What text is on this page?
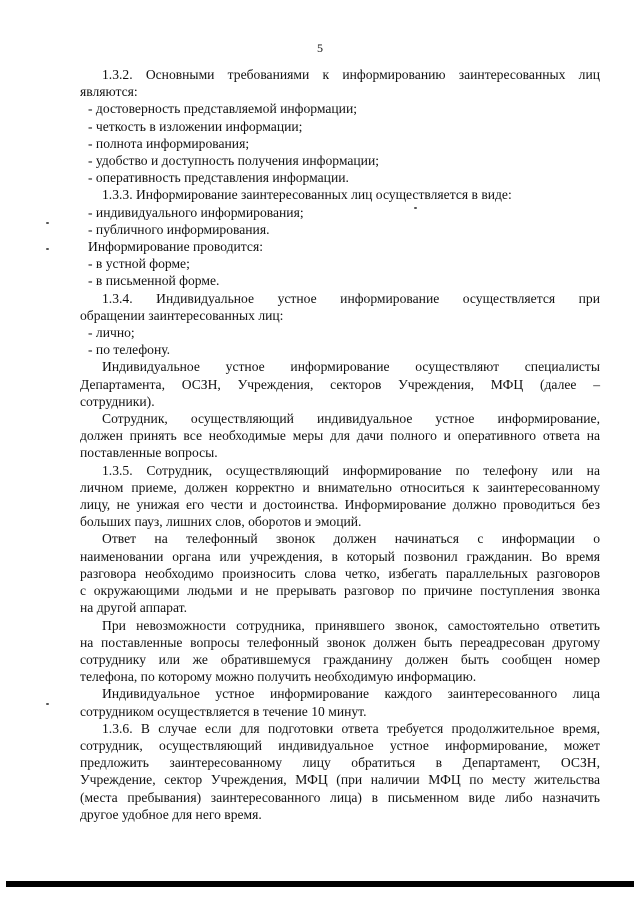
5

1.3.2. Основными требованиями к информированию заинтересованных лиц

являются:

- достоверность представляемой информации;

- четкость в изложении информации;

- полнота информирования;

- удобство и доступность получения информации;

- оперативность представления информации.

1.3.3. Информирование заинтересованных лиц осуществляется в виде:

- индивидуального информирования;

- публичного информирования.

Информирование проводится:

- в устной форме;

- в письменной форме.

1.3.4. Индивидуальное устное информирование осуществляется при

обращении заинтересованных лиц:

- лично;

- по телефону.

Индивидуальное устное информирование осуществляют специалисты

Департамента, ОСЗН, Учреждения, секторов Учреждения, МФЦ (далее –

сотрудники).

Сотрудник, осуществляющий индивидуальное устное информирование,

должен принять все необходимые меры для дачи полного и оперативного ответа на

поставленные вопросы.

1.3.5. Сотрудник, осуществляющий информирование по телефону или на

личном приеме, должен корректно и внимательно относиться к заинтересованному

лицу, не унижая его чести и достоинства. Информирование должно проводиться без

больших пауз, лишних слов, оборотов и эмоций.

Ответ на телефонный звонок должен начинаться с информации о

наименовании органа или учреждения, в который позвонил гражданин. Во время

разговора необходимо произносить слова четко, избегать параллельных разговоров

с окружающими людьми и не прерывать разговор по причине поступления звонка

на другой аппарат.

При невозможности сотрудника, принявшего звонок, самостоятельно ответить

на поставленные вопросы телефонный звонок должен быть переадресован другому

сотруднику или же обратившемуся гражданину должен быть сообщен номер

телефона, по которому можно получить необходимую информацию.

Индивидуальное устное информирование каждого заинтересованного лица

сотрудником осуществляется в течение 10 минут.

1.3.6. В случае если для подготовки ответа требуется продолжительное время,

сотрудник, осуществляющий индивидуальное устное информирование, может

предложить заинтересованному лицу обратиться в Департамент, ОСЗН,

Учреждение, сектор Учреждения, МФЦ (при наличии МФЦ по месту жительства

(места пребывания) заинтересованного лица) в письменном виде либо назначить

другое удобное для него время.
